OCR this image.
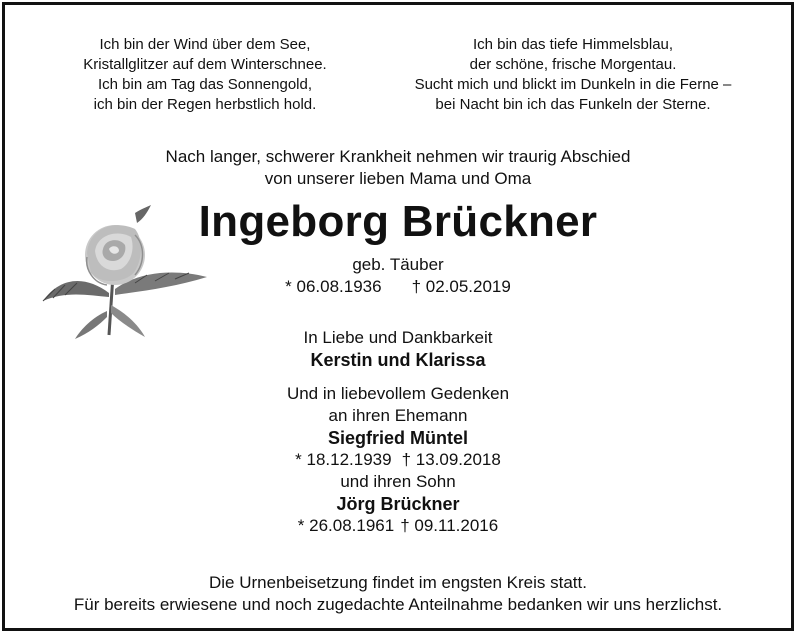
Ich bin der Wind über dem See,
Kristallglitzer auf dem Winterschnee.
Ich bin am Tag das Sonnengold,
ich bin der Regen herbstlich hold.
Ich bin das tiefe Himmelsblau,
der schöne, frische Morgentau.
Sucht mich und blickt im Dunkeln in die Ferne –
bei Nacht bin ich das Funkeln der Sterne.
Nach langer, schwerer Krankheit nehmen wir traurig Abschied
von unserer lieben Mama und Oma
Ingeborg Brückner
geb. Täuber
* 06.08.1936 † 02.05.2019
In Liebe und Dankbarkeit
Kerstin und Klarissa
Und in liebevollem Gedenken
an ihren Ehemann
Siegfried Müntel
* 18.12.1939 † 13.09.2018
und ihren Sohn
Jörg Brückner
* 26.08.1961 † 09.11.2016
Die Urnenbeisetzung findet im engsten Kreis statt.
Für bereits erwiesene und noch zugedachte Anteilnahme bedanken wir uns herzlichst.
